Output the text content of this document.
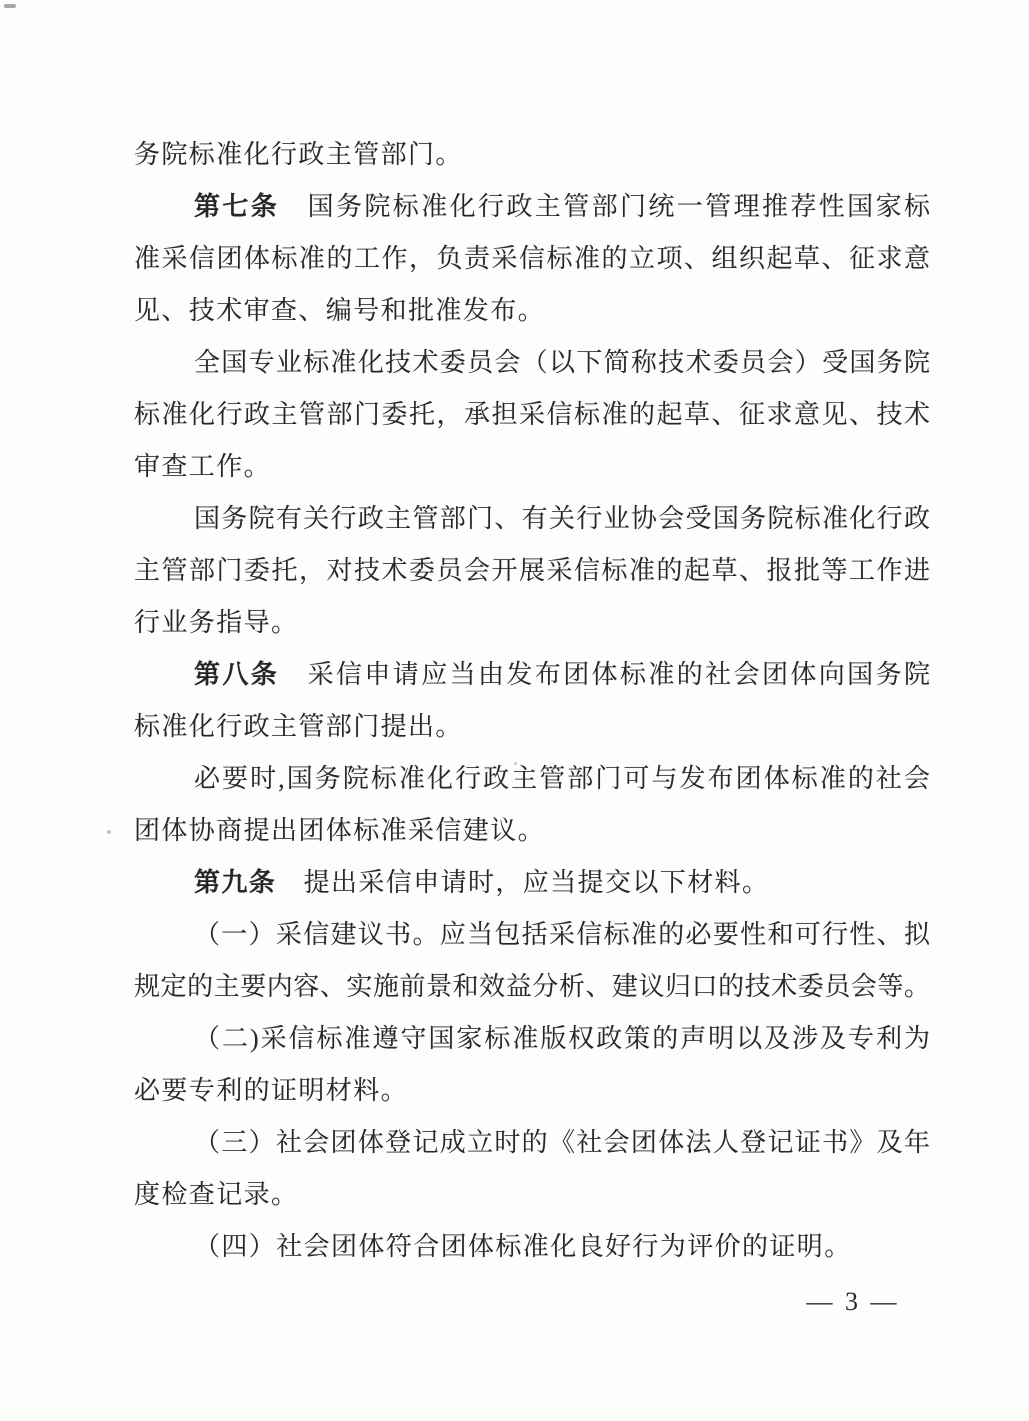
务院标准化行政主管部门。
第七条　国务院标准化行政主管部门统一管理推荐性国家标
准采信团体标准的工作，负责采信标准的立项、组织起草、征求意
见、技术审查、编号和批准发布。
全国专业标准化技术委员会（以下简称技术委员会）受国务院
标准化行政主管部门委托，承担采信标准的起草、征求意见、技术
审查工作。
国务院有关行政主管部门、有关行业协会受国务院标准化行政
主管部门委托，对技术委员会开展采信标准的起草、报批等工作进
行业务指导。
第八条　采信申请应当由发布团体标准的社会团体向国务院
标准化行政主管部门提出。
必要时,国务院标准化行政主管部门可与发布团体标准的社会
团体协商提出团体标准采信建议。
第九条　提出采信申请时，应当提交以下材料。
（一）采信建议书。应当包括采信标准的必要性和可行性、拟
规定的主要内容、实施前景和效益分析、建议归口的技术委员会等。
（二)采信标准遵守国家标准版权政策的声明以及涉及专利为
必要专利的证明材料。
（三）社会团体登记成立时的《社会团体法人登记证书》及年
度检查记录。
（四）社会团体符合团体标准化良好行为评价的证明。
— 3 —
